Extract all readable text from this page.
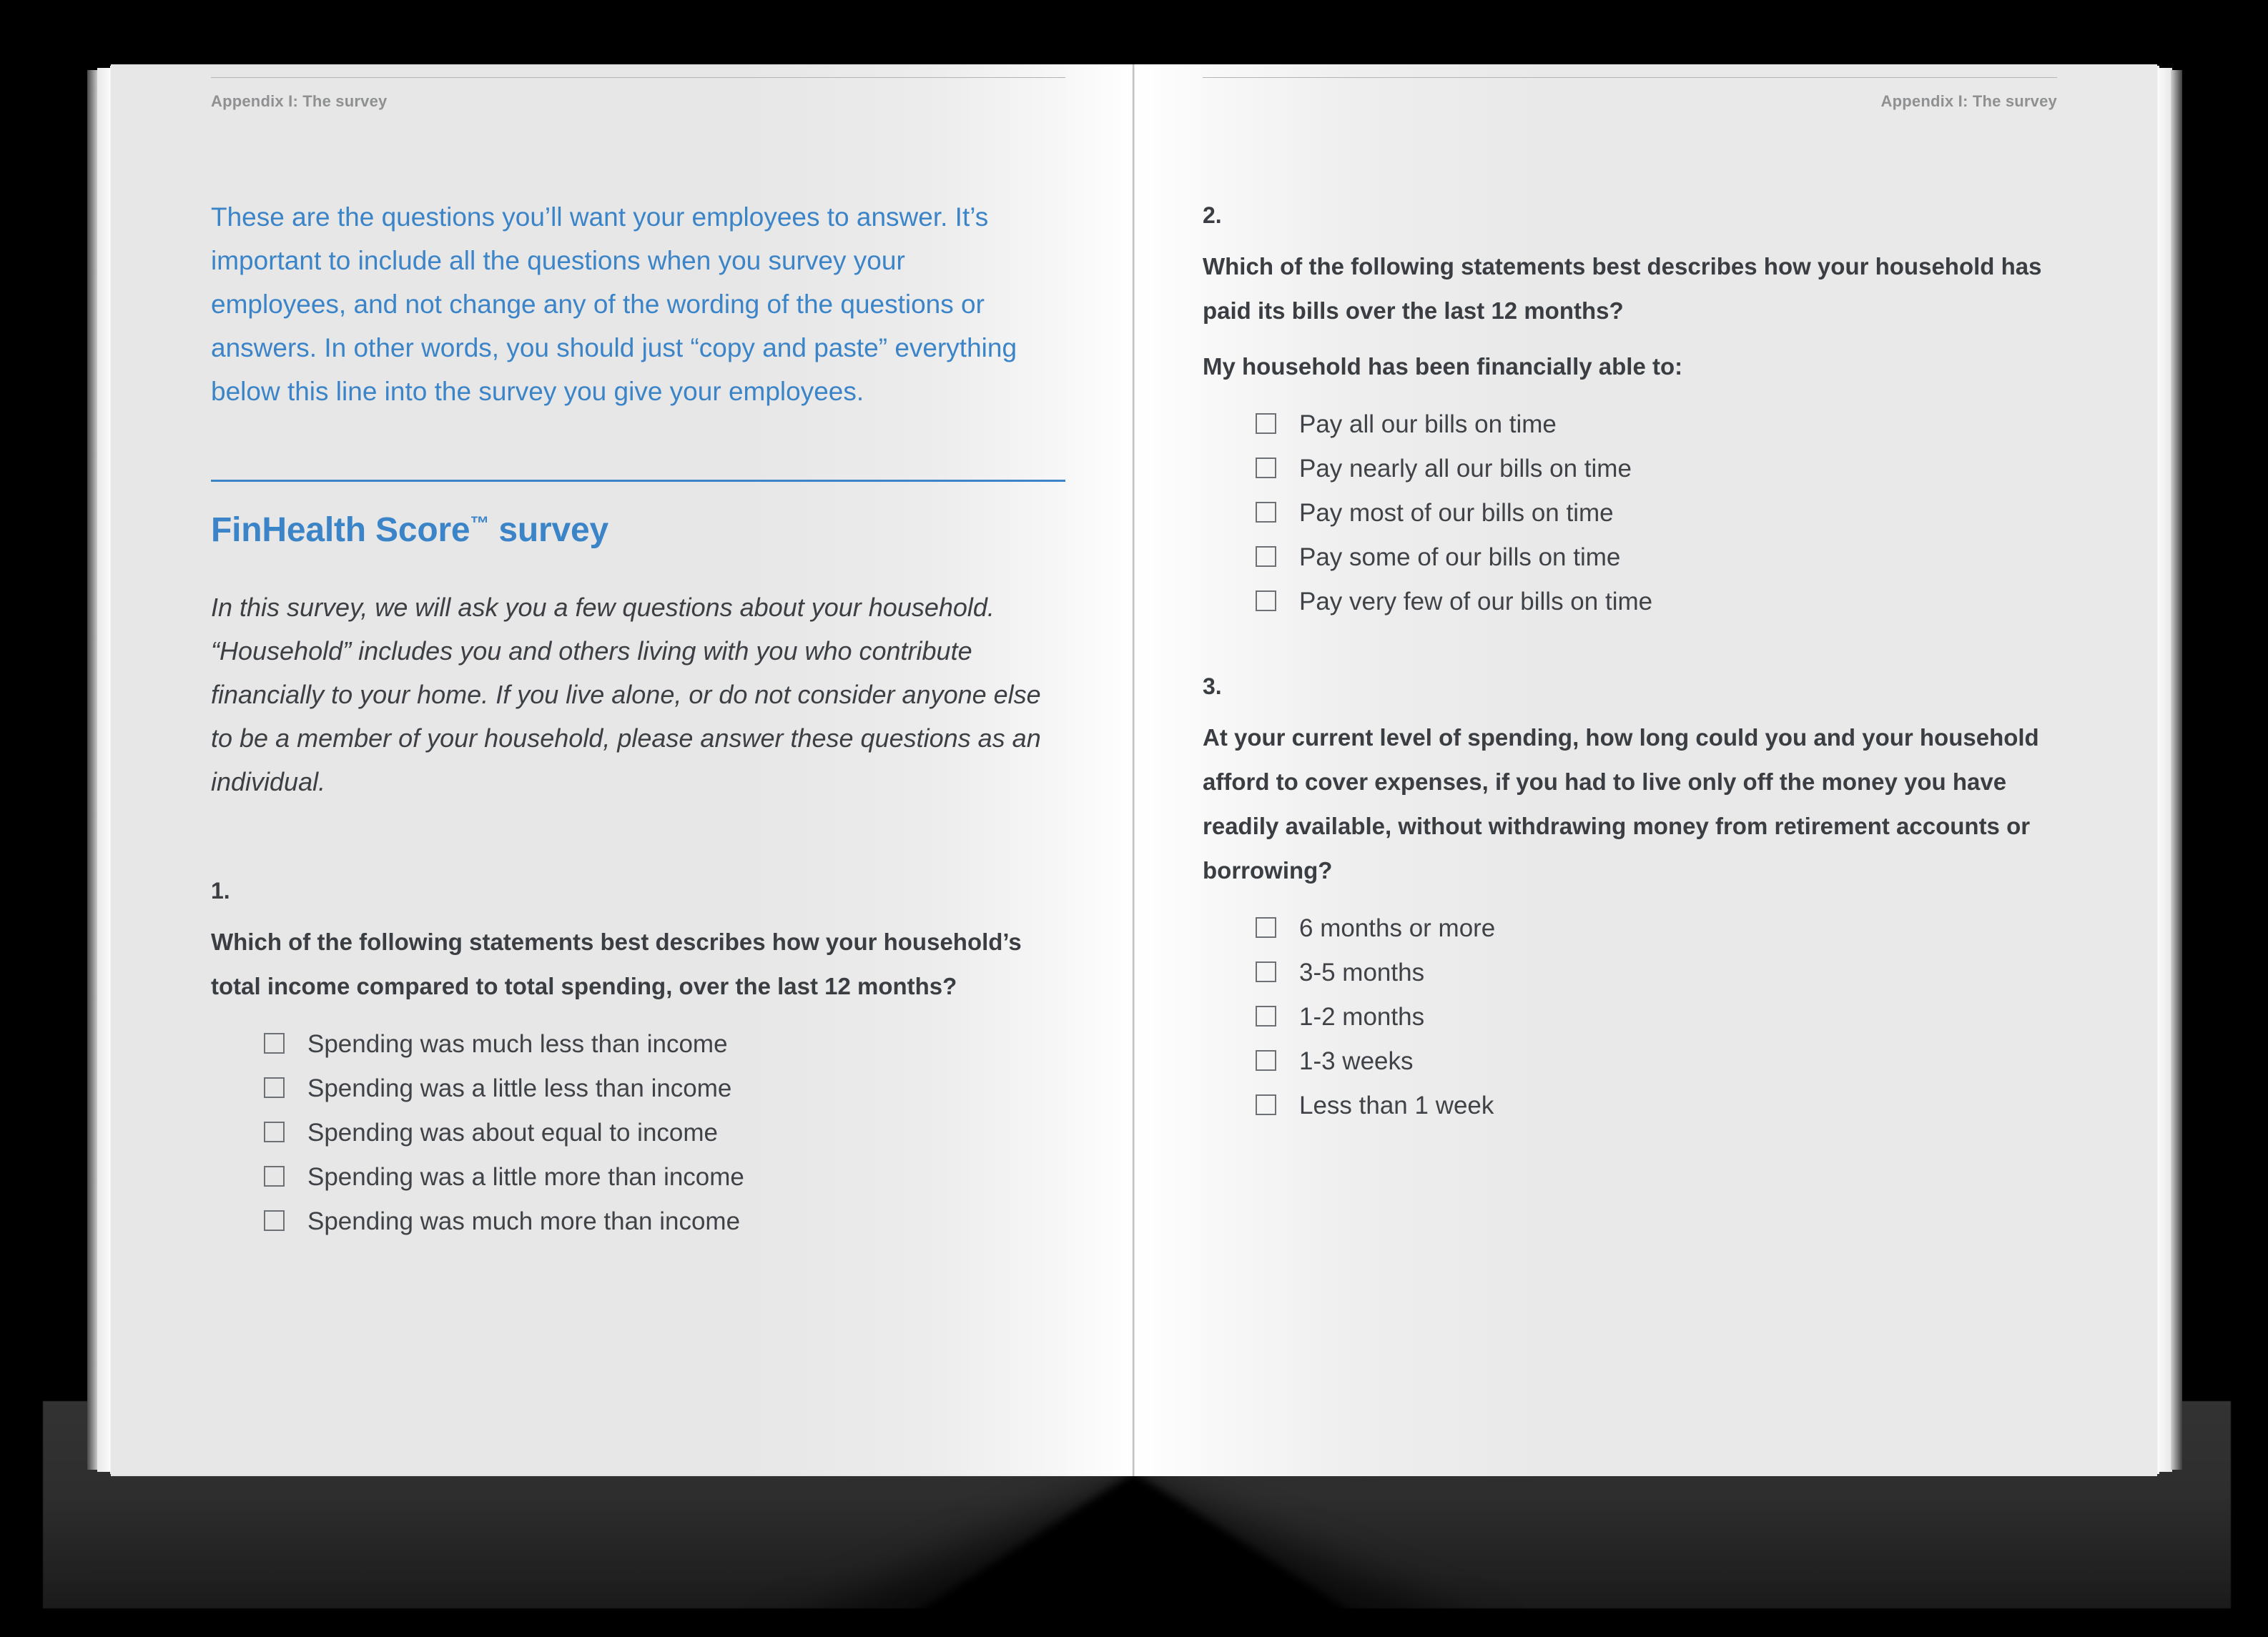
Appendix I: The survey

These are the questions you’ll want your employees to answer. It’s important to include all the questions when you survey your employees, and not change any of the wording of the questions or answers. In other words, you should just “copy and paste” everything below this line into the survey you give your employees.

FinHealth Score™ survey

In this survey, we will ask you a few questions about your household. “Household” includes you and others living with you who contribute financially to your home. If you live alone, or do not consider anyone else to be a member of your household, please answer these questions as an individual.

1.
Which of the following statements best describes how your household’s total income compared to total spending, over the last 12 months?
Spending was much less than income
Spending was a little less than income
Spending was about equal to income
Spending was a little more than income
Spending was much more than income
Appendix I: The survey
2.
Which of the following statements best describes how your household has paid its bills over the last 12 months?
My household has been financially able to:
Pay all our bills on time
Pay nearly all our bills on time
Pay most of our bills on time
Pay some of our bills on time
Pay very few of our bills on time
3.
At your current level of spending, how long could you and your household afford to cover expenses, if you had to live only off the money you have readily available, without withdrawing money from retirement accounts or borrowing?
6 months or more
3-5 months
1-2 months
1-3 weeks
Less than 1 week
